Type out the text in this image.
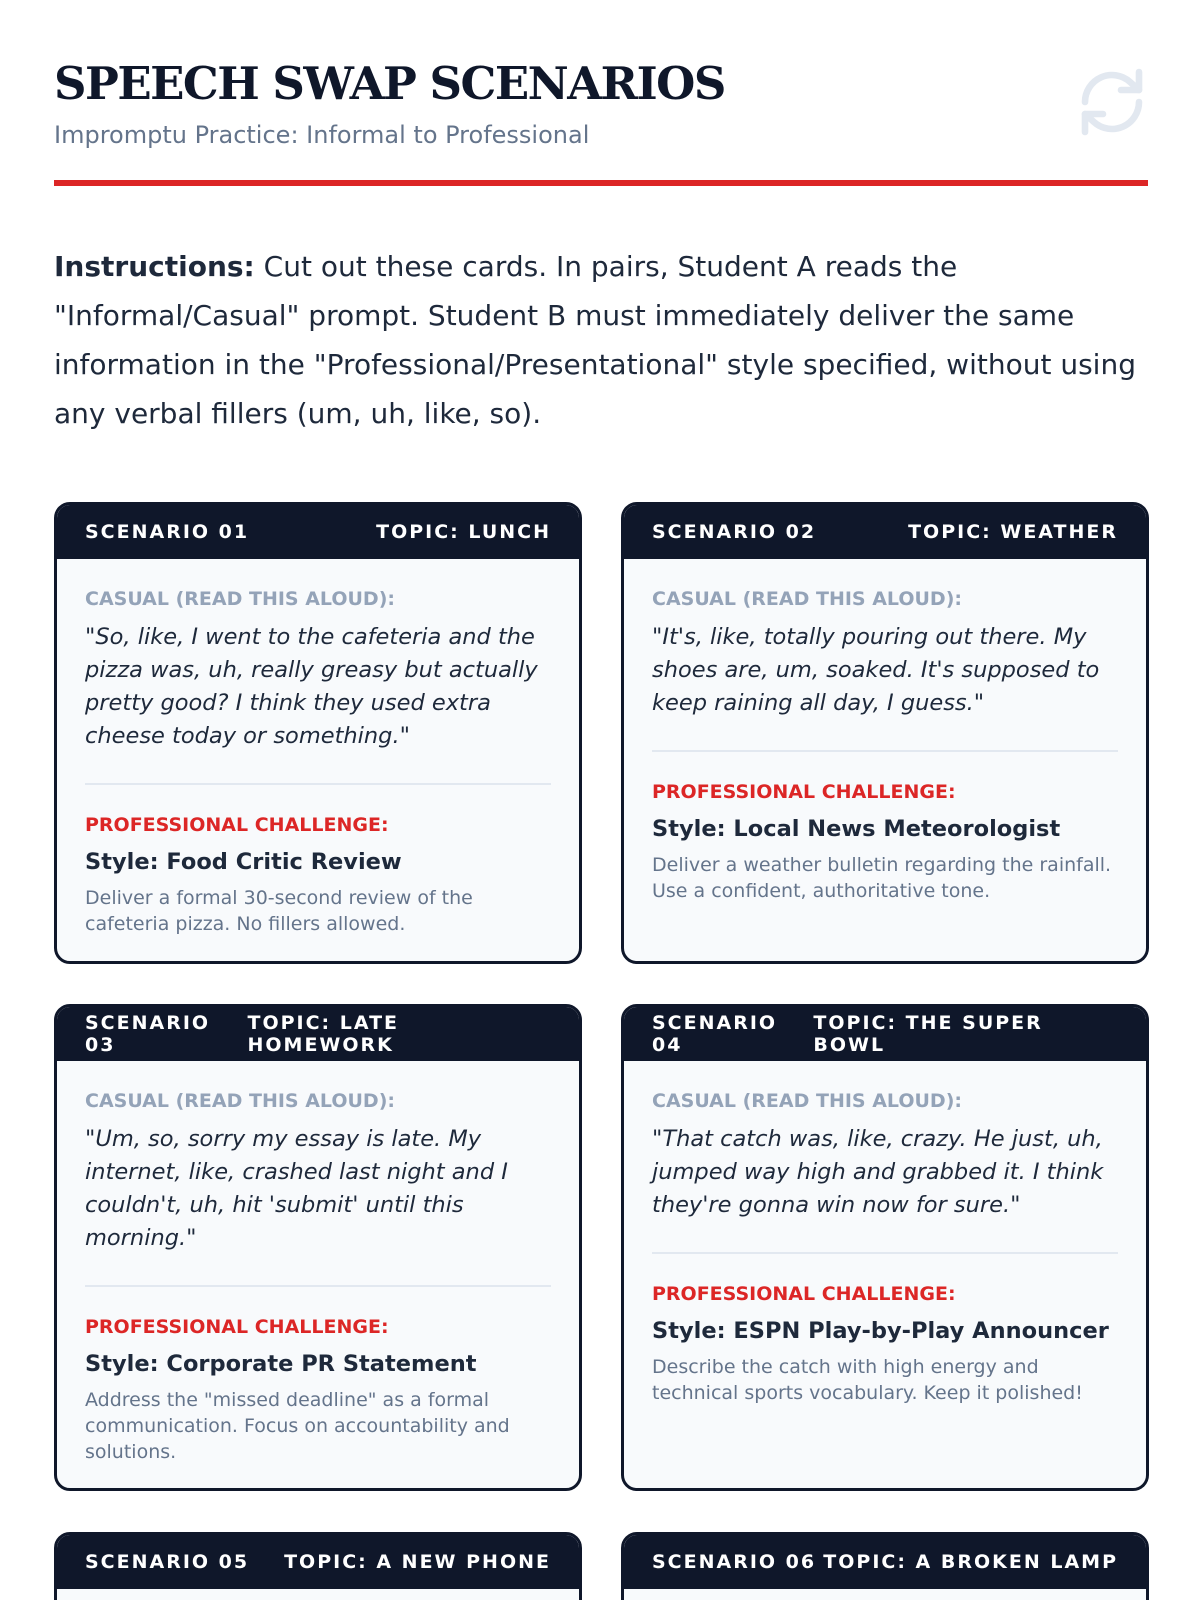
SPEECH SWAP SCENARIOS
Impromptu Practice: Informal to Professional
Instructions: Cut out these cards. In pairs, Student A reads the "Informal/Casual" prompt. Student B must immediately deliver the same information in the "Professional/Presentational" style specified, without using any verbal fillers (um, uh, like, so).
SCENARIO 01	TOPIC: LUNCH
CASUAL (READ THIS ALOUD):
"So, like, I went to the cafeteria and the pizza was, uh, really greasy but actually pretty good? I think they used extra cheese today or something."
PROFESSIONAL CHALLENGE:
Style: Food Critic Review
Deliver a formal 30-second review of the cafeteria pizza. No fillers allowed.
SCENARIO 02	TOPIC: WEATHER
CASUAL (READ THIS ALOUD):
"It's, like, totally pouring out there. My shoes are, um, soaked. It's supposed to keep raining all day, I guess."
PROFESSIONAL CHALLENGE:
Style: Local News Meteorologist
Deliver a weather bulletin regarding the rainfall. Use a confident, authoritative tone.
SCENARIO 03
TOPIC: LATE HOMEWORK
CASUAL (READ THIS ALOUD):
"Um, so, sorry my essay is late. My internet, like, crashed last night and I couldn't, uh, hit 'submit' until this morning."
PROFESSIONAL CHALLENGE:
Style: Corporate PR Statement
Address the "missed deadline" as a formal communication. Focus on accountability and solutions.
SCENARIO 04
TOPIC: THE SUPER BOWL
CASUAL (READ THIS ALOUD):
"That catch was, like, crazy. He just, uh, jumped way high and grabbed it. I think they're gonna win now for sure."
PROFESSIONAL CHALLENGE:
Style: ESPN Play-by-Play Announcer
Describe the catch with high energy and technical sports vocabulary. Keep it polished!
SCENARIO 05 TOPIC: A NEW PHONE	SCENARIO 06 TOPIC: A BROKEN LAMP
